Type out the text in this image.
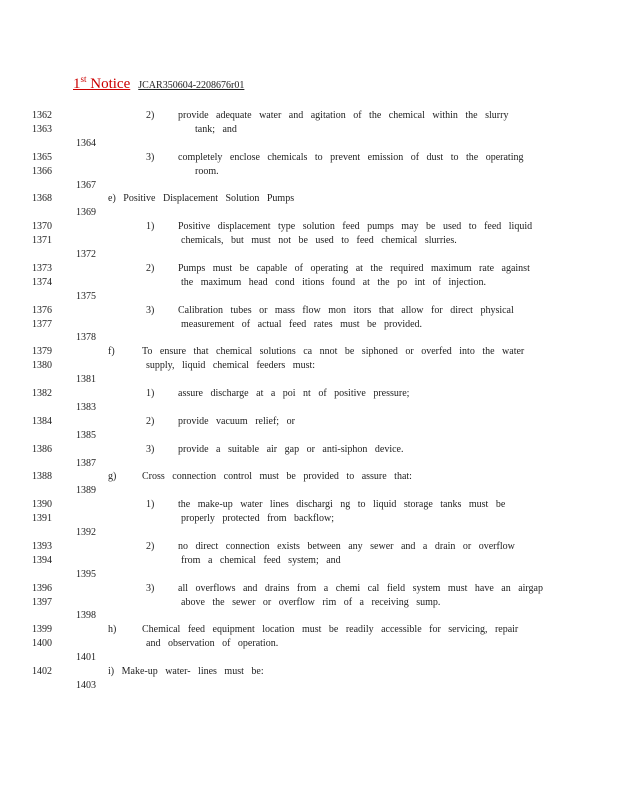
1st Notice JCAR350604-2208676r01
1362	2) provide adequate water and agitation of the chemical within the slurry
1363	tank; and
1364
1365	3) completely enclose chemicals to prevent emission of dust to the operating
1366	room.
1367
1368	e) Positive Displacement Solution Pumps
1369
1370	1) Positive displacement type solution feed pumps may be used to feed liquid
1371	chemicals, but must not be used to feed chemical slurries.
1372
1373	2) Pumps must be capable of operating at the required maximum rate against
1374	the maximum head cond itions found at the po int of injection.
1375
1376	3) Calibration tubes or mass flow mon itors that allow for direct physical
1377	measurement of actual feed rates must be provided.
1378
1379	f)	To ensure that chemical solutions ca nnot be siphoned or overfed into the water
1380	supply, liquid chemical feeders must:
1381
1382	1) assure discharge at a poi nt of positive pressure;
1383
1384	2) provide vacuum relief; or
1385
1386	3) provide a suitable air gap or anti-siphon device.
1387
1388	g)	Cross connection control must be provided to assure that:
1389
1390	1) the make-up water lines dischargi ng to liquid storage tanks must be
1391	properly protected from backflow;
1392
1393	2) no direct connection exists between any sewer and a drain or overflow
1394	from a chemical feed system; and
1395
1396	3) all overflows and drains from a chemi cal field system must have an airgap
1397	above the sewer or overflow rim of a receiving sump.
1398
1399	h)	Chemical feed equipment location must be readily accessible for servicing, repair
1400	and observation of operation.
1401
1402	i) Make-up water- lines must be:
1403
